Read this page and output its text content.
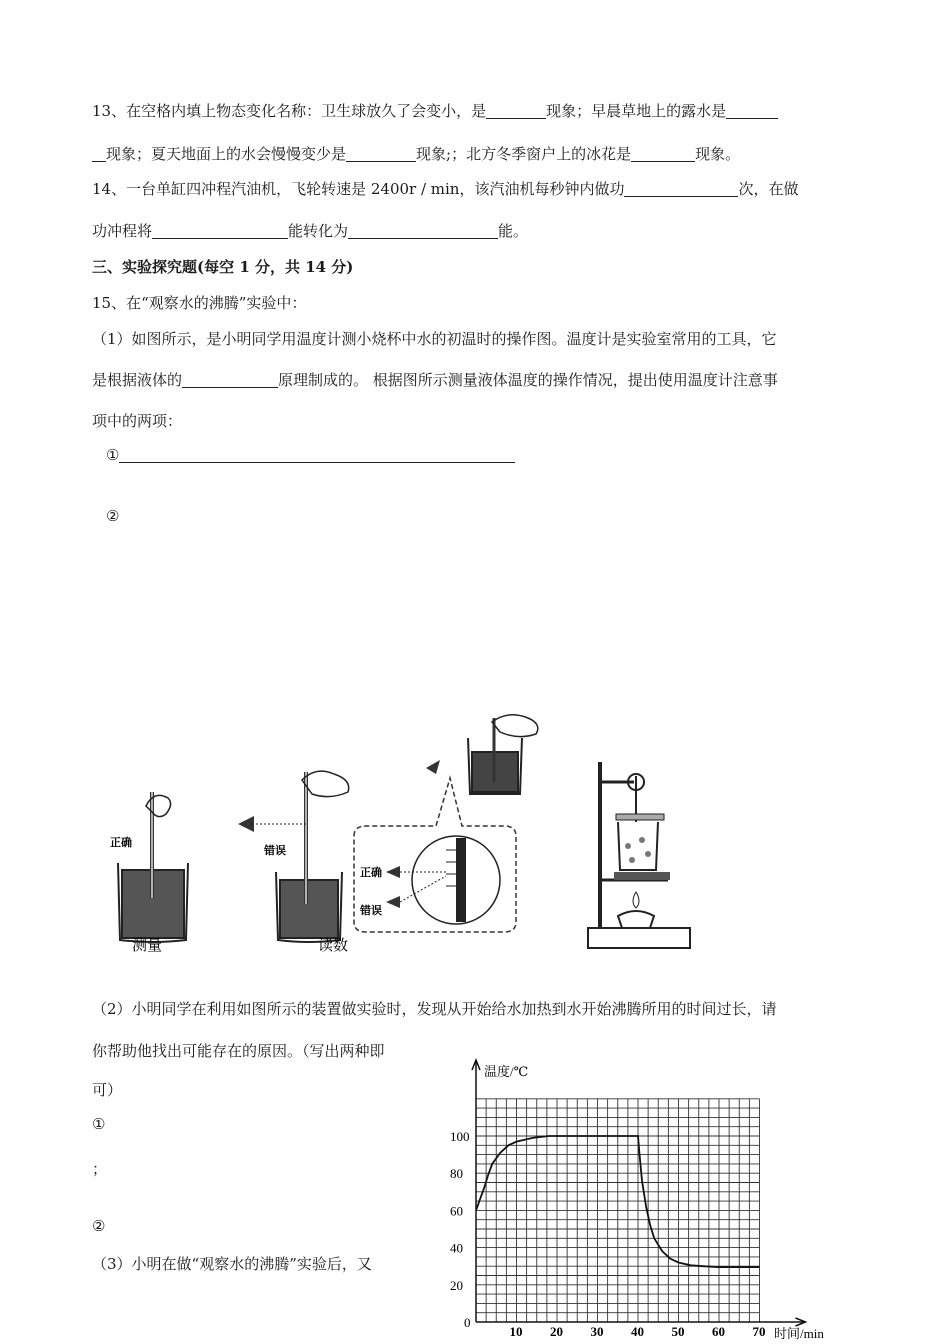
13、在空格内填上物态变化名称：卫生球放久了会变小，是	现象；早晨草地上的露水是
现象；夏天地面上的水会慢慢变少是	现象;；北方冬季窗户上的冰花是	现象。
14、一台单缸四冲程汽油机，飞轮转速是 2400r / min，该汽油机每秒钟内做功	次，在做
功冲程将	能转化为	能。
三、实验探究题(每空 1 分，共 14 分)
15、在“观察水的沸腾”实验中：
（1）如图所示，是小明同学用温度计测小烧杯中水的初温时的操作图。温度计是实验室常用的工具，它
是根据液体的	原理制成的。 根据图所示测量液体温度的操作情况，提出使用温度计注意事
项中的两项：
①
②
正确
错误
正确
错误
测量	读数
（2）小明同学在利用如图所示的装置做实验时，发现从开始给水加热到水开始沸腾所用的时间过长，请
你帮助他找出可能存在的原因。（写出两种即
可）
①
；
②
（3）小明在做“观察水的沸腾”实验后，又
10 20 30 40 50 60 70
0
20
40
60
80
100
温度/℃
时间/min
